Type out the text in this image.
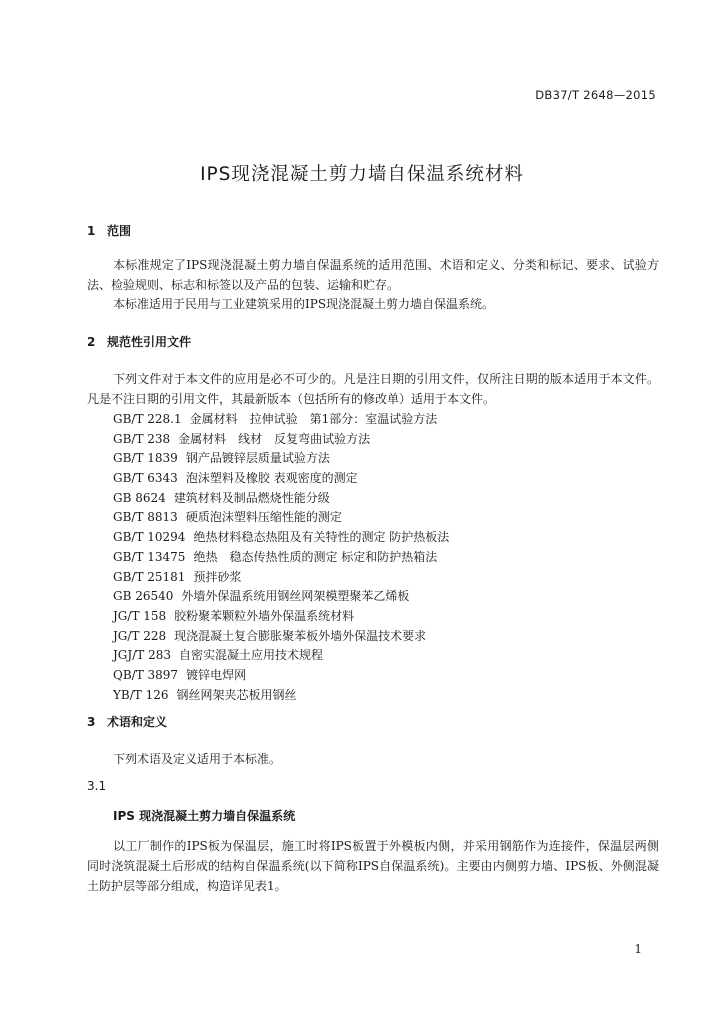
DB37/T 2648—2015
IPS现浇混凝土剪力墙自保温系统材料
1 范围
本标准规定了IPS现浇混凝土剪力墙自保温系统的适用范围、术语和定义、分类和标记、要求、试验方法、检验规则、标志和标签以及产品的包装、运输和贮存。
本标准适用于民用与工业建筑采用的IPS现浇混凝土剪力墙自保温系统。
2 规范性引用文件
下列文件对于本文件的应用是必不可少的。凡是注日期的引用文件，仅所注日期的版本适用于本文件。凡是不注日期的引用文件，其最新版本（包括所有的修改单）适用于本文件。
GB/T 228.1 金属材料　拉伸试验　第1部分：室温试验方法
GB/T 238 金属材料　线材　反复弯曲试验方法
GB/T 1839 钢产品镀锌层质量试验方法
GB/T 6343 泡沫塑料及橡胶 表观密度的测定
GB 8624 建筑材料及制品燃烧性能分级
GB/T 8813 硬质泡沫塑料压缩性能的测定
GB/T 10294 绝热材料稳态热阻及有关特性的测定 防护热板法
GB/T 13475 绝热　稳态传热性质的测定 标定和防护热箱法
GB/T 25181 预拌砂浆
GB 26540 外墙外保温系统用钢丝网架模塑聚苯乙烯板
JG/T 158 胶粉聚苯颗粒外墙外保温系统材料
JG/T 228 现浇混凝土复合膨胀聚苯板外墙外保温技术要求
JGJ/T 283 自密实混凝土应用技术规程
QB/T 3897 镀锌电焊网
YB/T 126 钢丝网架夹芯板用钢丝
3 术语和定义
下列术语及定义适用于本标准。
3.1
IPS 现浇混凝土剪力墙自保温系统
以工厂制作的IPS板为保温层，施工时将IPS板置于外模板内侧，并采用钢筋作为连接件，保温层两侧同时浇筑混凝土后形成的结构自保温系统(以下简称IPS自保温系统)。主要由内侧剪力墙、IPS板、外侧混凝土防护层等部分组成，构造详见表1。
1
